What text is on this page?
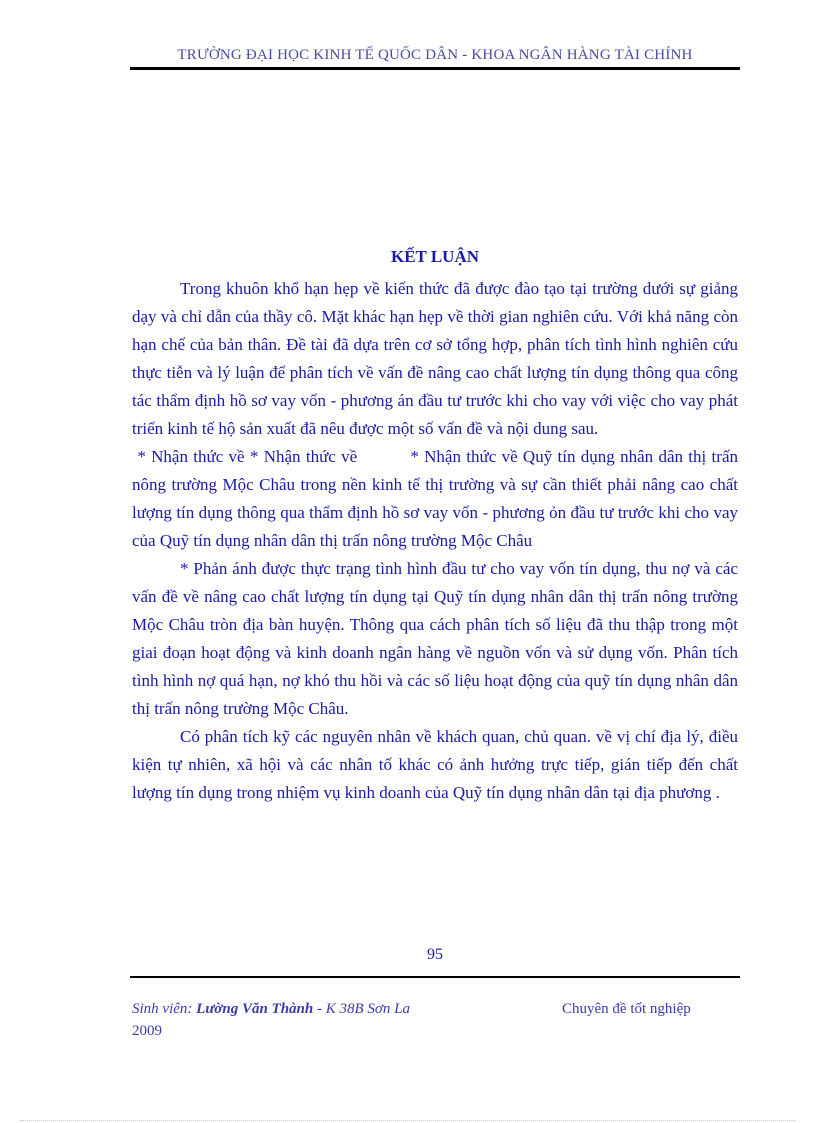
TRƯỜNG ĐẠI HỌC KINH TẾ QUỐC DÂN - KHOA NGÂN HÀNG TÀI CHÍNH
KẾT LUẬN

Trong khuôn khổ hạn hẹp về kiến thức đã được đào tạo tại trường dưới sự giảng dạy và chỉ dẫn của thầy cô. Mặt khác hạn hẹp về thời gian nghiên cứu. Với khả năng còn hạn chế của bản thân. Đề tài đã dựa trên cơ sở tổng hợp, phân tích tình hình nghiên cứu thực tiễn và lý luận để phân tích về vấn đề nâng cao chất lượng tín dụng thông qua công tác thẩm định hồ sơ vay vốn - phương án đầu tư trước khi cho vay với việc cho vay phát triển kinh tế hộ sản xuất đã nêu được một số vấn đề và nội dung sau.

* Nhận thức về * Nhận thức về          * Nhận thức về Quỹ tín dụng nhân dân thị trấn nông trường Mộc Châu trong nền kinh tế thị trường và sự cần thiết phải nâng cao chất lượng tín dụng thông qua thẩm định hồ sơ vay vốn - phương ỏn đầu tư trước khi cho vay của Quỹ tín dụng nhân dân thị trấn nông trường Mộc Châu

* Phản ánh được thực trạng tình hình đầu tư cho vay vốn tín dụng, thu nợ và các vấn đề về nâng cao chất lượng tín dụng tại Quỹ tín dụng nhân dân thị trấn nông trường Mộc Châu tròn địa bàn huyện. Thông qua cách phân tích số liệu đã thu thập trong một giai đoạn hoạt động và kinh doanh ngân hàng về nguồn vốn và sử dụng vốn. Phân tích tình hình nợ quá hạn, nợ khó thu hồi và các số liệu hoạt động của quỹ tín dụng nhân dân thị trấn nông trường Mộc Châu.

Có phân tích kỹ các nguyên nhân về khách quan, chủ quan. về vị chí địa lý, điều kiện tự nhiên, xã hội và các nhân tố khác có ảnh hưởng trực tiếp, gián tiếp đến chất lượng tín dụng trong nhiệm vụ kinh doanh của Quỹ tín dụng nhân dân tại địa phương .

95
Sinh viên: Lường Văn Thành - K 38B Sơn La
2009
Chuyên đề tốt nghiệp
